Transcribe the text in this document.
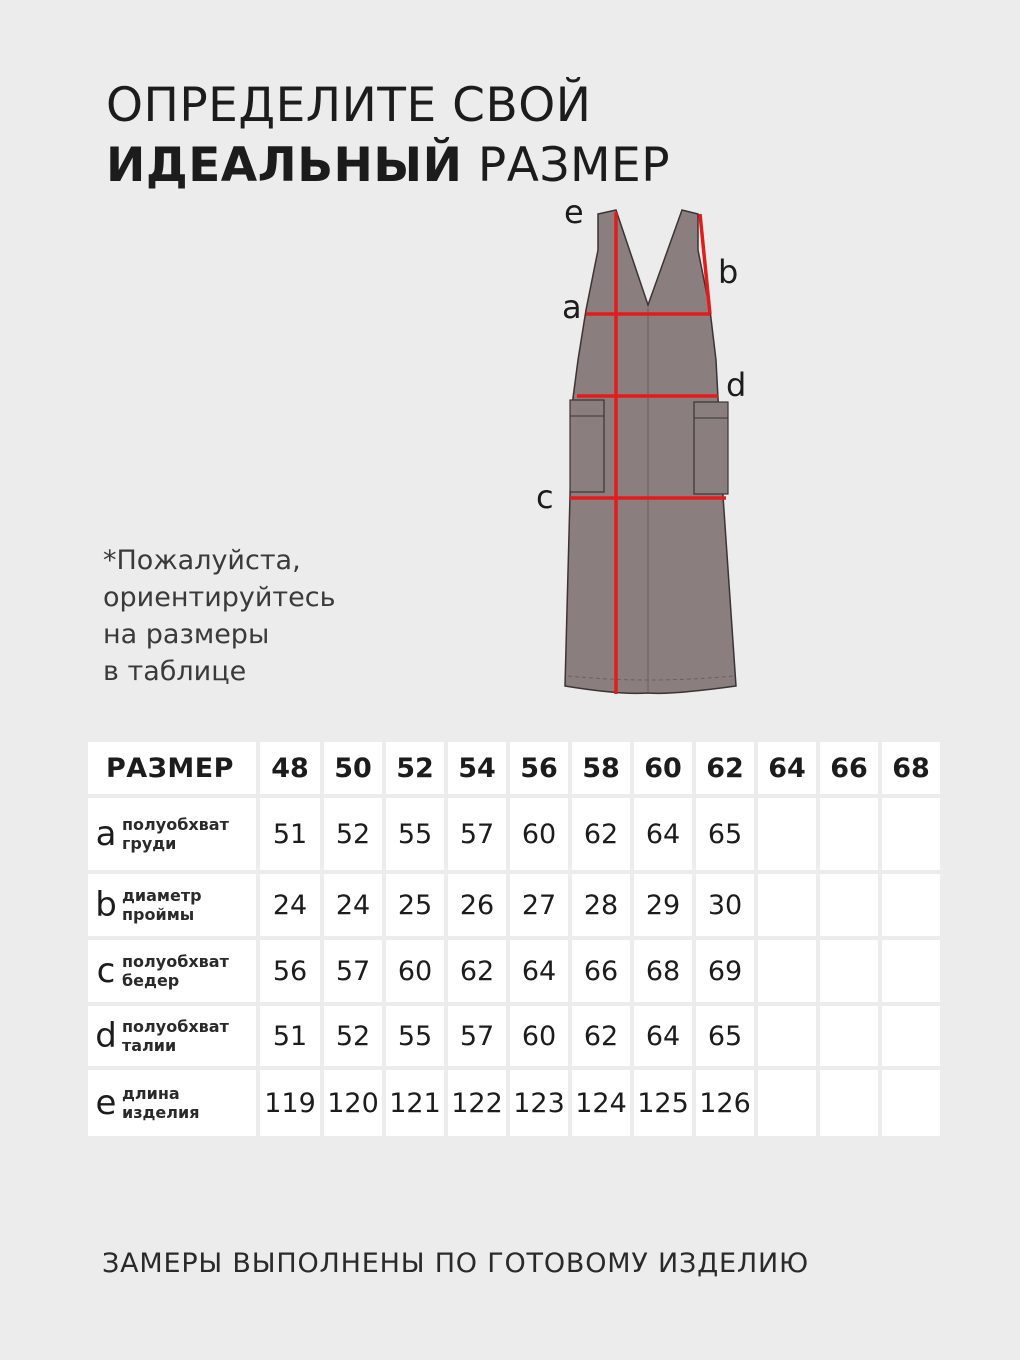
ОПРЕДЕЛИТЕ СВОЙ
ИДЕАЛЬНЫЙ РАЗМЕР
e
b
a
d
c
*Пожалуйста,
ориентируйтесь
на размеры
в таблице
РАЗМЕР	48	50	52	54	56	58	60	62	64	66	68

a полуобхват
груди	51	52	55	57	60	62	64	65			

b диаметр
проймы	24	24	25	26	27	28	29	30			

c полуобхват
бедер	56	57	60	62	64	66	68	69			

d полуобхват
талии	51	52	55	57	60	62	64	65			

e длина
изделия	119	120	121	122	123	124	125	126			
ЗАМЕРЫ ВЫПОЛНЕНЫ ПО ГОТОВОМУ ИЗДЕЛИЮ
